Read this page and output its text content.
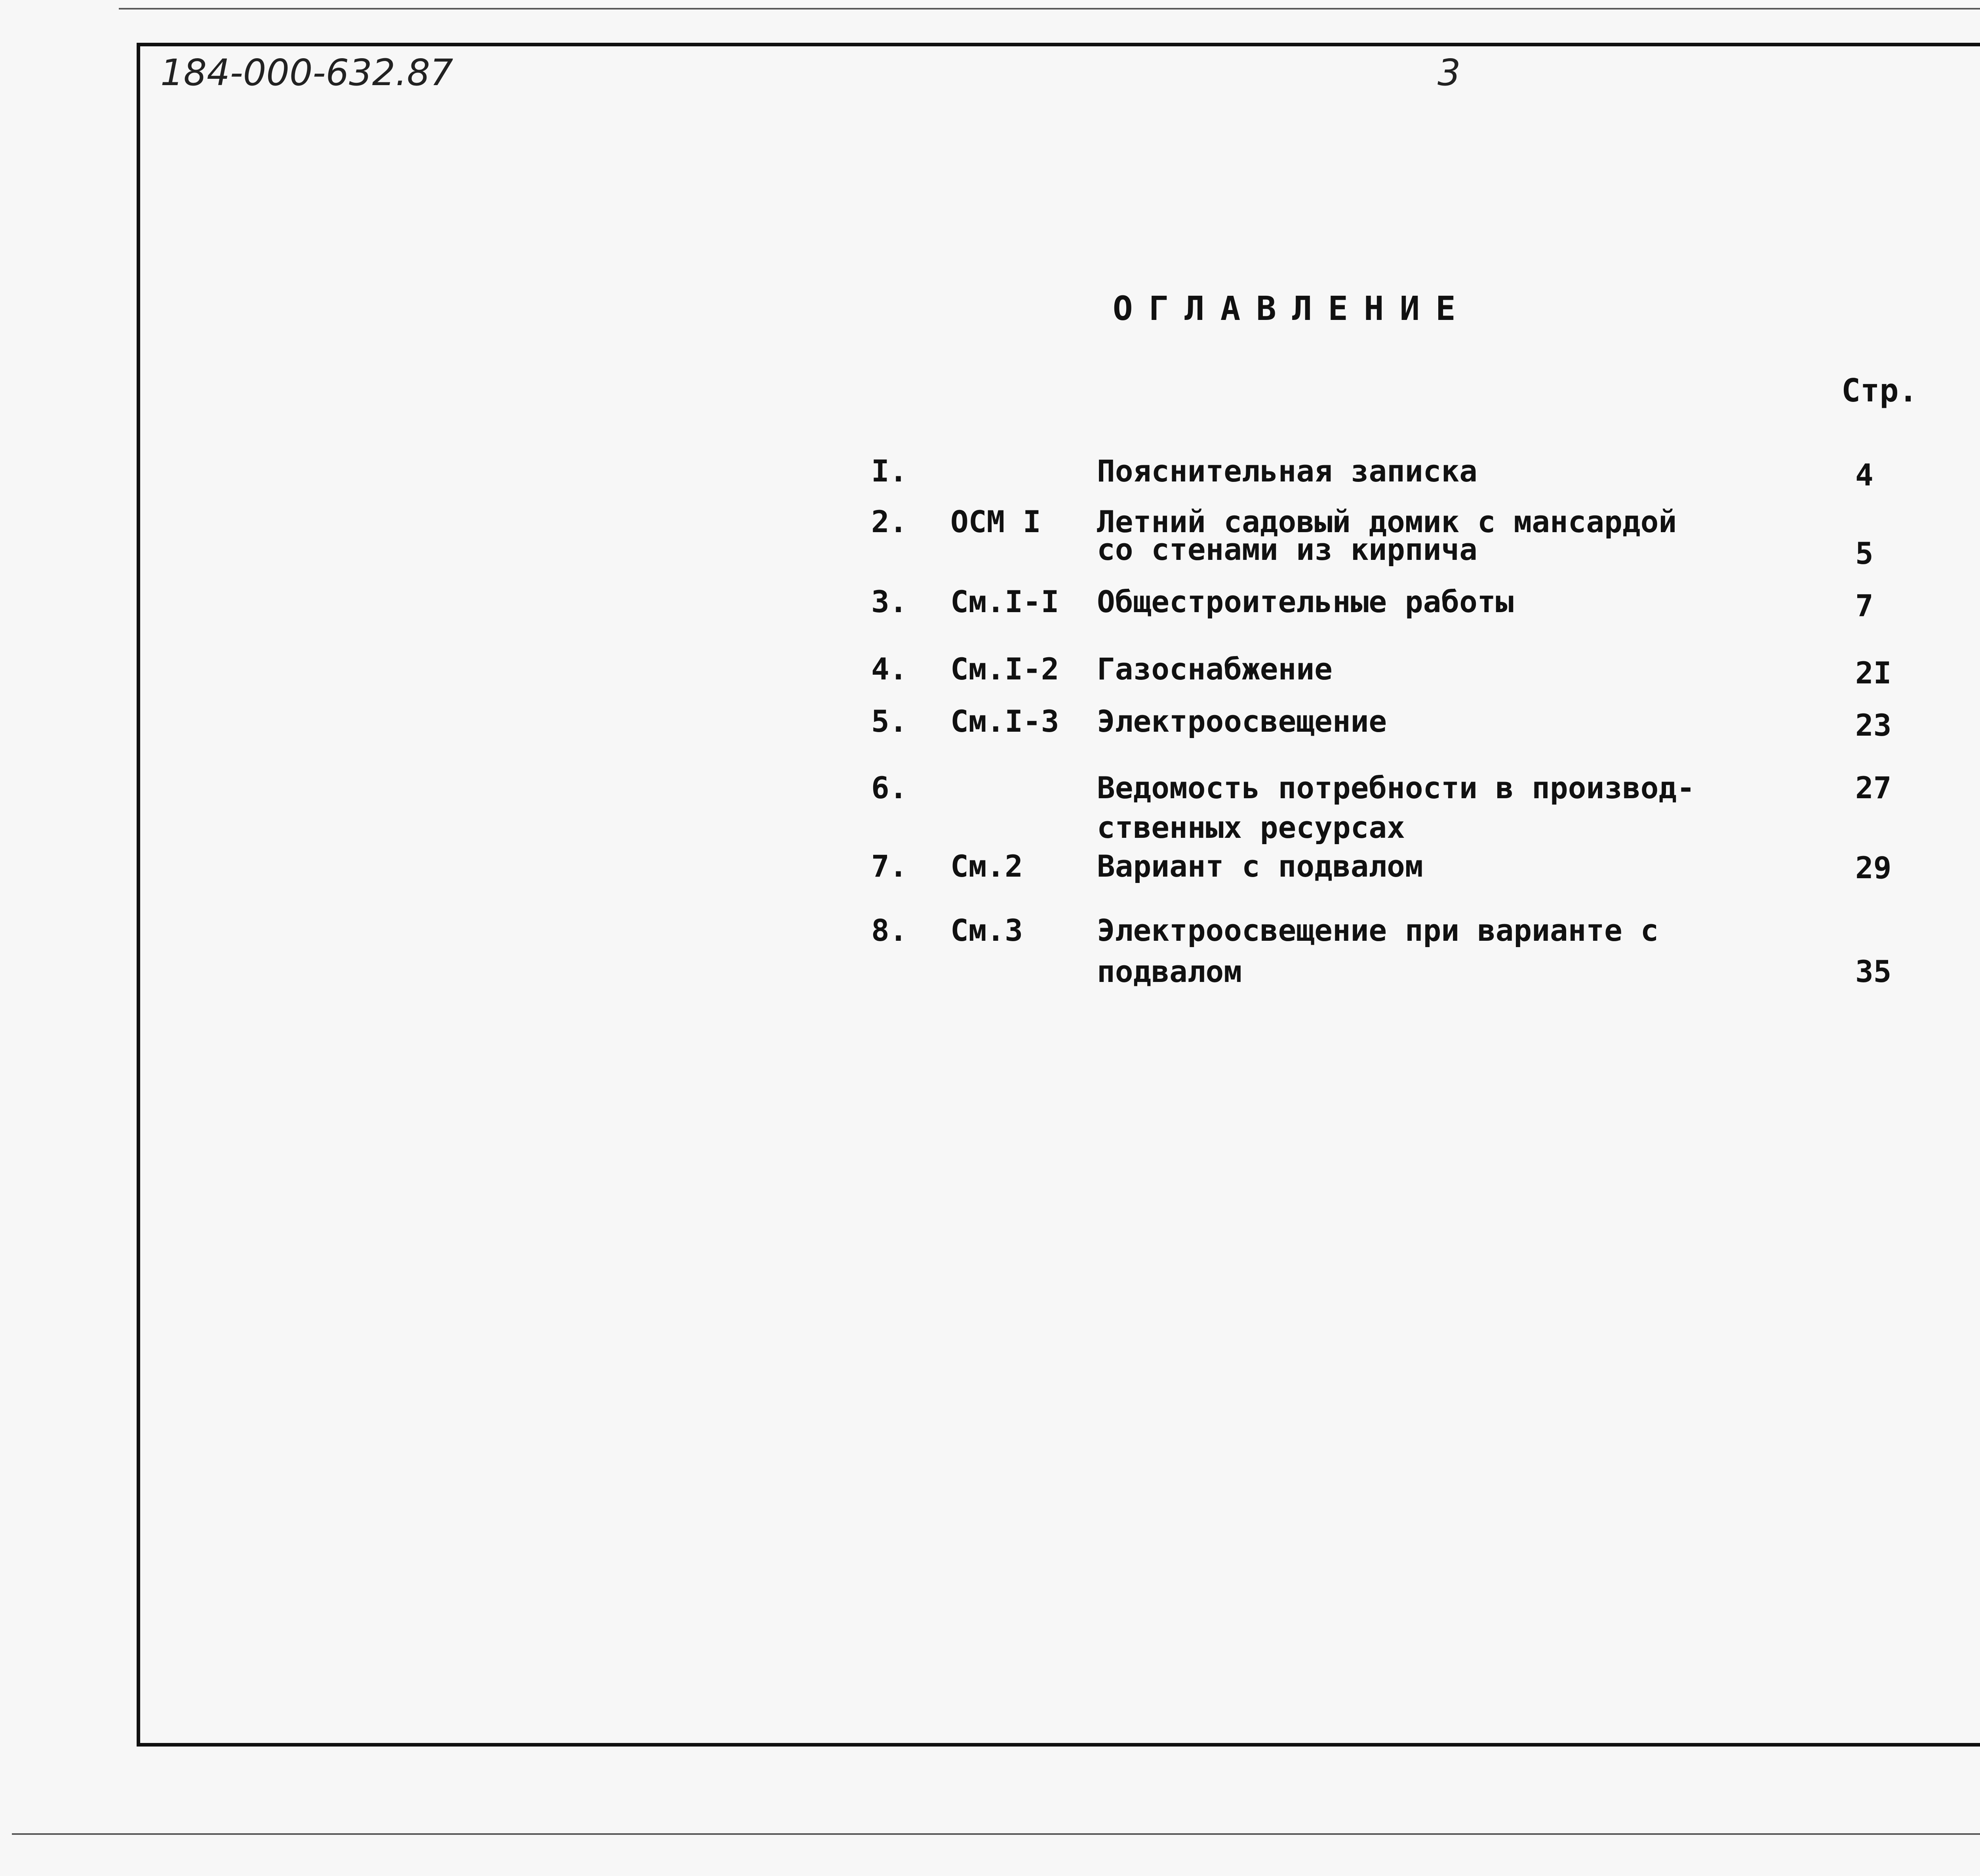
184-000-632.87	3
ОГЛАВЛЕНИЕ
Стр.
I.	Пояснительная записка	4
2. ОСМ I Летний садовый домик с мансардой
со стенами из кирпича	5
3. См.I-I Общестроительные работы	7
4. См.I-2 Газоснабжение	2I
5. См.I-3 Электроосвещение	23
6.	Ведомость потребности в производ-
ственных ресурсах
27
7. См.2 Вариант с подвалом	29
8. См.3 Электроосвещение при варианте с
подвалом	35
